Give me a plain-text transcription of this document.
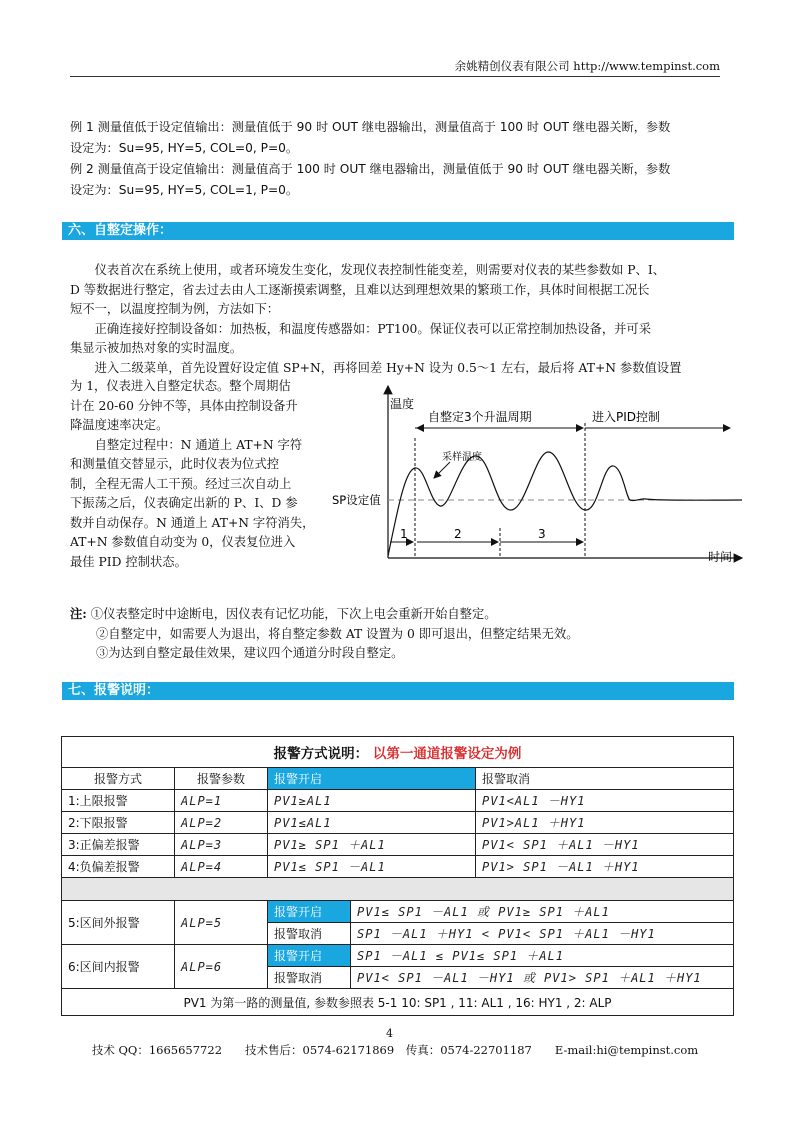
余姚精创仪表有限公司 http://www.tempinst.com
例 1 测量值低于设定值输出：测量值低于 90 时 OUT 继电器输出，测量值高于 100 时 OUT 继电器关断，参数
设定为：Su=95, HY=5, COL=0, P=0。
例 2 测量值高于设定值输出：测量值高于 100 时 OUT 继电器输出，测量值低于 90 时 OUT 继电器关断，参数
设定为：Su=95, HY=5, COL=1, P=0。
六、自整定操作：
　　仪表首次在系统上使用，或者环境发生变化，发现仪表控制性能变差，则需要对仪表的某些参数如 P、I、
D 等数据进行整定，省去过去由人工逐渐摸索调整，且难以达到理想效果的繁琐工作，具体时间根据工况长
短不一，以温度控制为例，方法如下：
　　正确连接好控制设备如：加热板，和温度传感器如：PT100。保证仪表可以正常控制加热设备，并可采
集显示被加热对象的实时温度。
　　进入二级菜单，首先设置好设定值 SP+N，再将回差 Hy+N 设为 0.5～1 左右，最后将 AT+N 参数值设置
为 1，仪表进入自整定状态。整个周期估
计在 20-60 分钟不等，具体由控制设备升
降温度速率决定。
　　自整定过程中：N 通道上 AT+N 字符
和测量值交替显示，此时仪表为位式控
制，全程无需人工干预。经过三次自动上
下振荡之后，仪表确定出新的 P、I、D 参
数并自动保存。N 通道上 AT+N 字符消失，
AT+N 参数值自动变为 0，仪表复位进入
最佳 PID 控制状态。
温度
时间
自整定3个升温周期	进入PID控制
SP设定值
采样温度
1	2	3
注: ①仪表整定时中途断电，因仪表有记忆功能，下次上电会重新开始自整定。
②自整定中，如需要人为退出，将自整定参数 AT 设置为 0 即可退出，但整定结果无效。
③为达到自整定最佳效果，建议四个通道分时段自整定。
七、报警说明：
报警方式说明： 以第一通道报警设定为例			
报警方式	报警参数	报警开启	报警取消
1:上限报警	ALP=1	PV1≥AL1	PV1<AL1 －HY1
2:下限报警	ALP=2	PV1≤AL1	PV1>AL1 ＋HY1
3:正偏差报警	ALP=3	PV1≥ SP1 ＋AL1	PV1< SP1 ＋AL1 －HY1
4:负偏差报警	ALP=4	PV1≤ SP1 －AL1	PV1> SP1 －AL1 ＋HY1

5:区间外报警	ALP=5	报警开启	PV1≤ SP1 －AL1 或 PV1≥ SP1 ＋AL1
		报警取消	SP1 －AL1 ＋HY1 < PV1< SP1 ＋AL1 －HY1
6:区间内报警	ALP=6	报警开启	SP1 －AL1 ≤ PV1≤ SP1 ＋AL1
		报警取消	PV1< SP1 －AL1 －HY1 或 PV1> SP1 ＋AL1 ＋HY1
PV1 为第一路的测量值, 参数参照表 5-1 10: SP1 , 11: AL1 , 16: HY1 , 2: ALP			
4
技术 QQ：1665657722　　技术售后：0574-62171869　传真：0574-22701187　　E-mail:hi@tempinst.com
